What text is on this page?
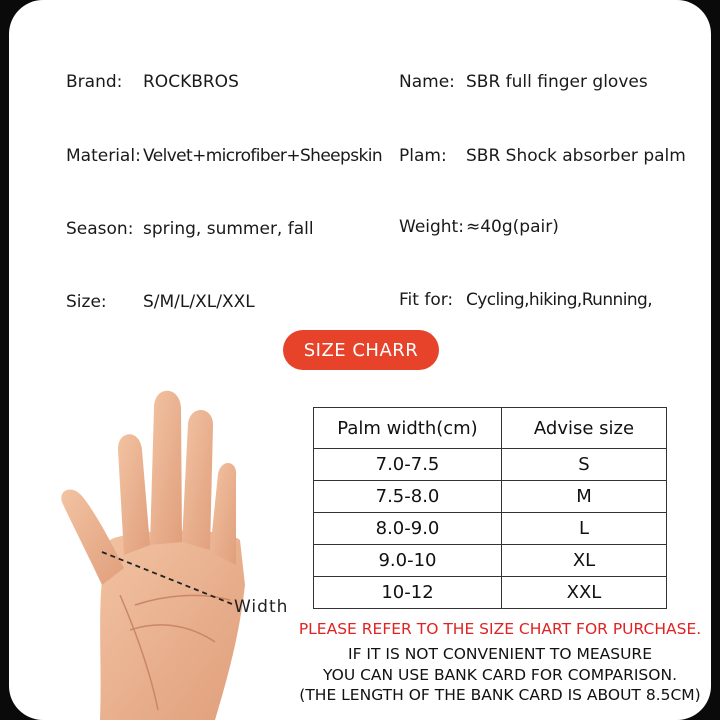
Brand: ROCKBROS	Name: SBR full finger gloves
Material: Velvet+microfiber+Sheepskin Plam: SBR Shock absorber palm
Season: spring, summer, fall	Weight: ≈40g(pair)
Size: S/M/L/XL/XXL	Fit for: Cycling,hiking,Running,
SIZE CHARR
Width
Palm width(cm)	Advise size
7.0-7.5	S
7.5-8.0	M
8.0-9.0	L
9.0-10	XL
10-12	XXL
PLEASE REFER TO THE SIZE CHART FOR PURCHASE.
IF IT IS NOT CONVENIENT TO MEASURE
YOU CAN USE BANK CARD FOR COMPARISON.
(THE LENGTH OF THE BANK CARD IS ABOUT 8.5CM)
